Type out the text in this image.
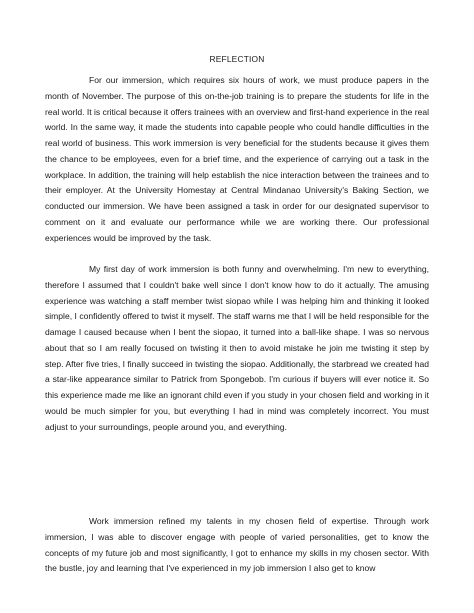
REFLECTION

For our immersion, which requires six hours of work, we must produce papers in the month of November. The purpose of this on-the-job training is to prepare the students for life in the real world. It is critical because it offers trainees with an overview and first-hand experience in the real world. In the same way, it made the students into capable people who could handle difficulties in the real world of business. This work immersion is very beneficial for the students because it gives them the chance to be employees, even for a brief time, and the experience of carrying out a task in the workplace. In addition, the training will help establish the nice interaction between the trainees and to their employer. At the University Homestay at Central Mindanao University's Baking Section, we conducted our immersion. We have been assigned a task in order for our designated supervisor to comment on it and evaluate our performance while we are working there. Our professional experiences would be improved by the task.

My first day of work immersion is both funny and overwhelming. I'm new to everything, therefore I assumed that I couldn't bake well since I don't know how to do it actually. The amusing experience was watching a staff member twist siopao while I was helping him and thinking it looked simple, I confidently offered to twist it myself. The staff warns me that I will be held responsible for the damage I caused because when I bent the siopao, it turned into a ball-like shape. I was so nervous about that so I am really focused on twisting it then to avoid mistake he join me twisting it step by step. After five tries, I finally succeed in twisting the siopao. Additionally, the starbread we created had a star-like appearance similar to Patrick from Spongebob. I'm curious if buyers will ever notice it. So this experience made me like an ignorant child even if you study in your chosen field and working in it would be much simpler for you, but everything I had in mind was completely incorrect. You must adjust to your surroundings, people around you, and everything.

Work immersion refined my talents in my chosen field of expertise. Through work immersion, I was able to discover engage with people of varied personalities, get to know the concepts of my future job and most significantly, I got to enhance my skills in my chosen sector. With the bustle, joy and learning that I've experienced in my job immersion I also get to know
